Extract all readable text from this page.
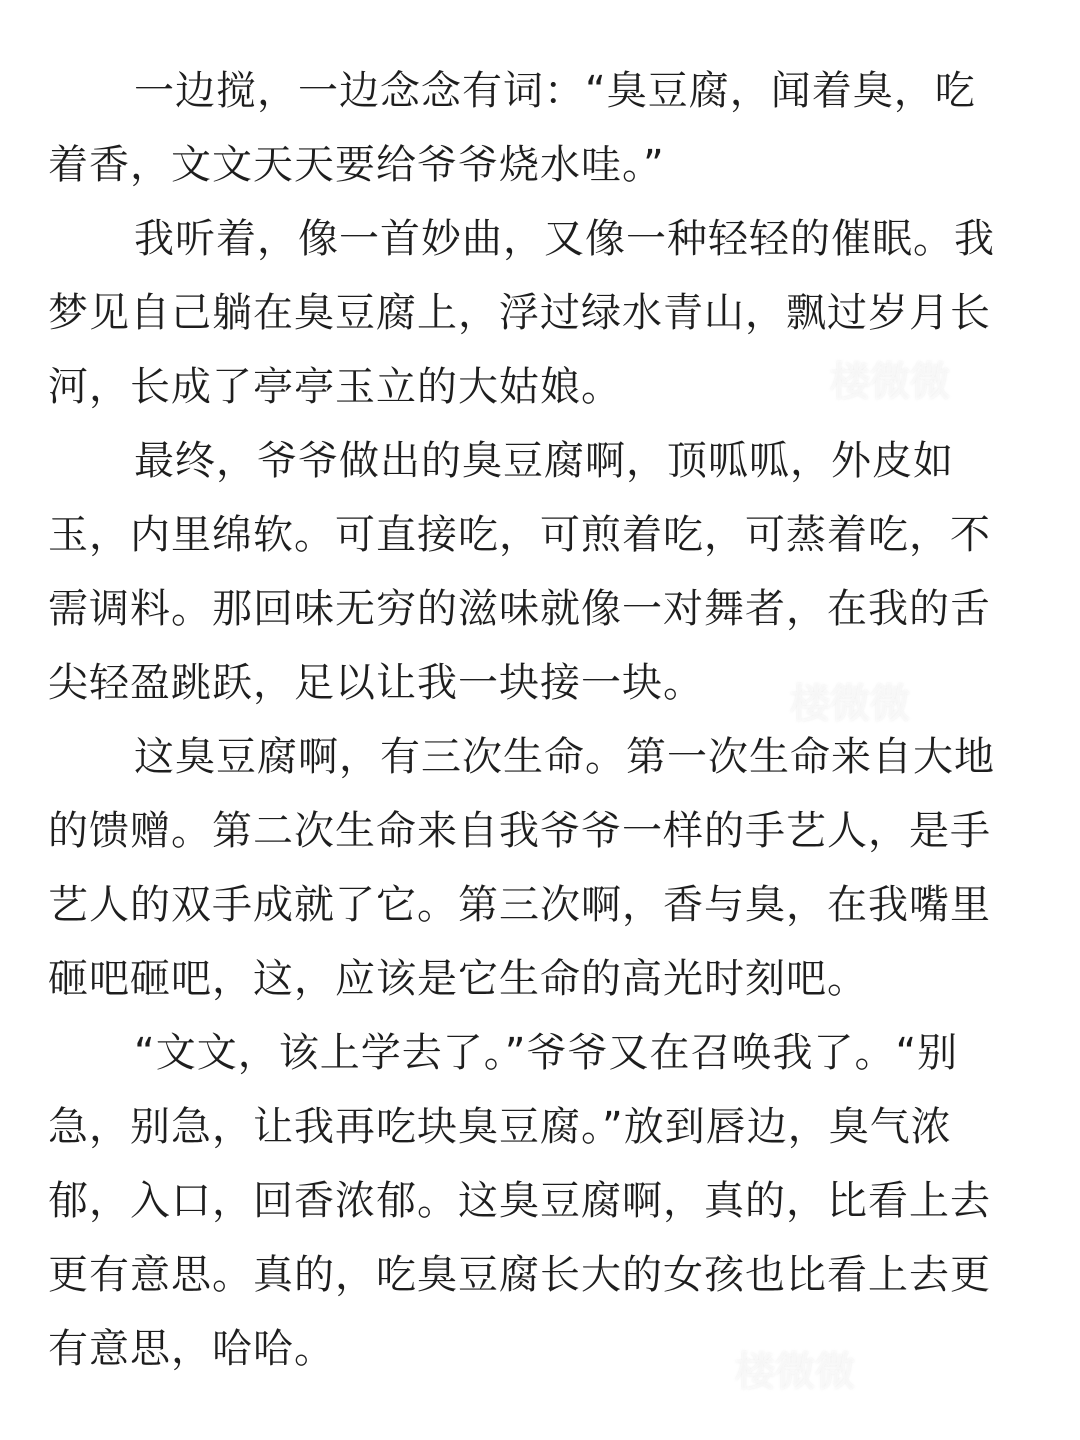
一边搅，一边念念有词：“臭豆腐，闻着臭，吃
着香，文文天天要给爷爷烧水哇。”
我听着，像一首妙曲，又像一种轻轻的催眠。我
梦见自己躺在臭豆腐上，浮过绿水青山，飘过岁月长
河，长成了亭亭玉立的大姑娘。
最终，爷爷做出的臭豆腐啊，顶呱呱，外皮如
玉，内里绵软。可直接吃，可煎着吃，可蒸着吃，不
需调料。那回味无穷的滋味就像一对舞者，在我的舌
尖轻盈跳跃，足以让我一块接一块。
这臭豆腐啊，有三次生命。第一次生命来自大地
的馈赠。第二次生命来自我爷爷一样的手艺人，是手
艺人的双手成就了它。第三次啊，香与臭，在我嘴里
砸吧砸吧，这，应该是它生命的高光时刻吧。
“文文，该上学去了。”爷爷又在召唤我了。“别
急，别急，让我再吃块臭豆腐。”放到唇边，臭气浓
郁，入口，回香浓郁。这臭豆腐啊，真的，比看上去
更有意思。真的，吃臭豆腐长大的女孩也比看上去更
有意思，哈哈。
楼微微
楼微微
楼微微
